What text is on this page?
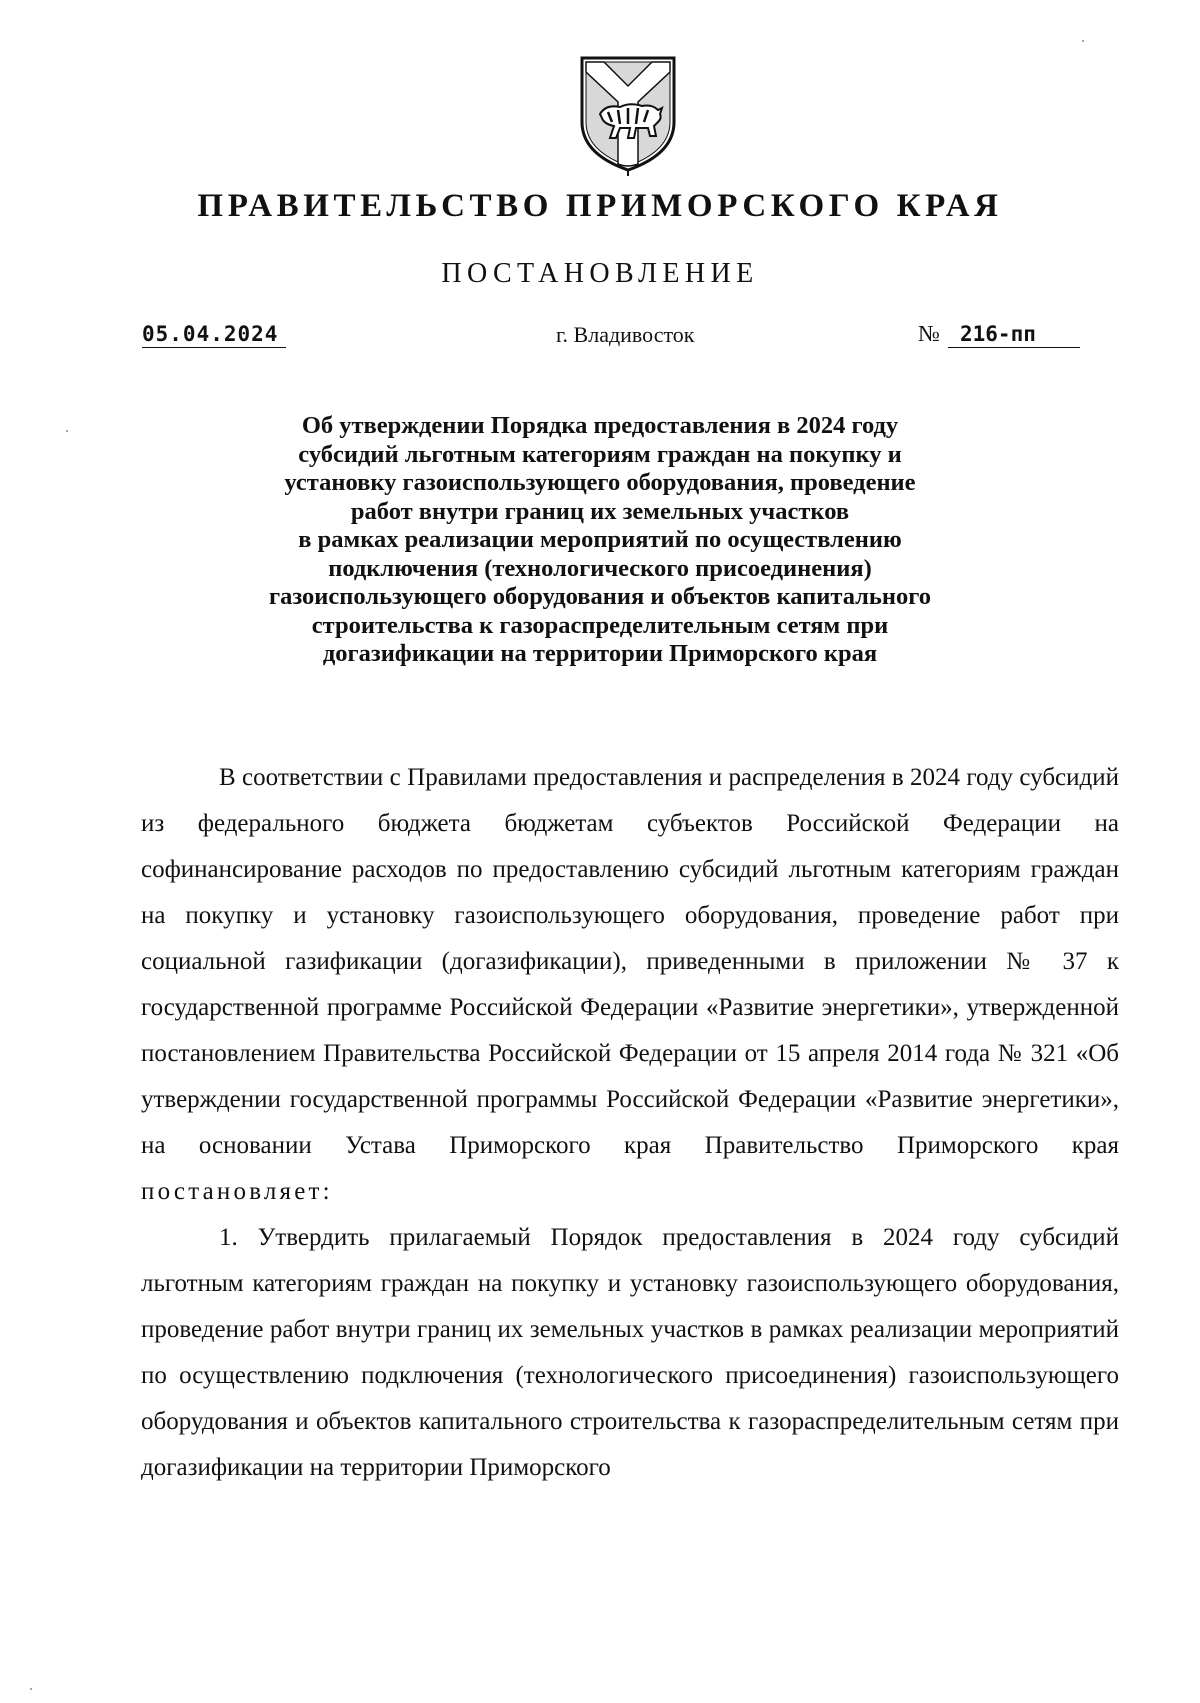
ПРАВИТЕЛЬСТВО ПРИМОРСКОГО КРАЯ
ПОСТАНОВЛЕНИЕ
05.04.2024	г. Владивосток	№ 216-пп
Об утверждении Порядка предоставления в 2024 году
субсидий льготным категориям граждан на покупку и
установку газоиспользующего оборудования, проведение
работ внутри границ их земельных участков
в рамках реализации мероприятий по осуществлению
подключения (технологического присоединения)
газоиспользующего оборудования и объектов капитального
строительства к газораспределительным сетям при
догазификации на территории Приморского края

В соответствии с Правилами предоставления и распределения в 2024 году субсидий из федерального бюджета бюджетам субъектов Российской Федерации на софинансирование расходов по предоставлению субсидий льготным категориям граждан на покупку и установку газоиспользующего оборудования, проведение работ при социальной газификации (догазификации), приведенными в приложении № 37 к государственной программе Российской Федерации «Развитие энергетики», утвержденной постановлением Правительства Российской Федерации от 15 апреля 2014 года № 321 «Об утверждении государственной программы Российской Федерации «Развитие энергетики», на основании Устава Приморского края Правительство Приморского края постановляет:

1. Утвердить прилагаемый Порядок предоставления в 2024 году субсидий льготным категориям граждан на покупку и установку газоиспользующего оборудования, проведение работ внутри границ их земельных участков в рамках реализации мероприятий по осуществлению подключения (технологического присоединения) газоиспользующего оборудования и объектов капитального строительства к газораспределительным сетям при догазификации на территории Приморского
